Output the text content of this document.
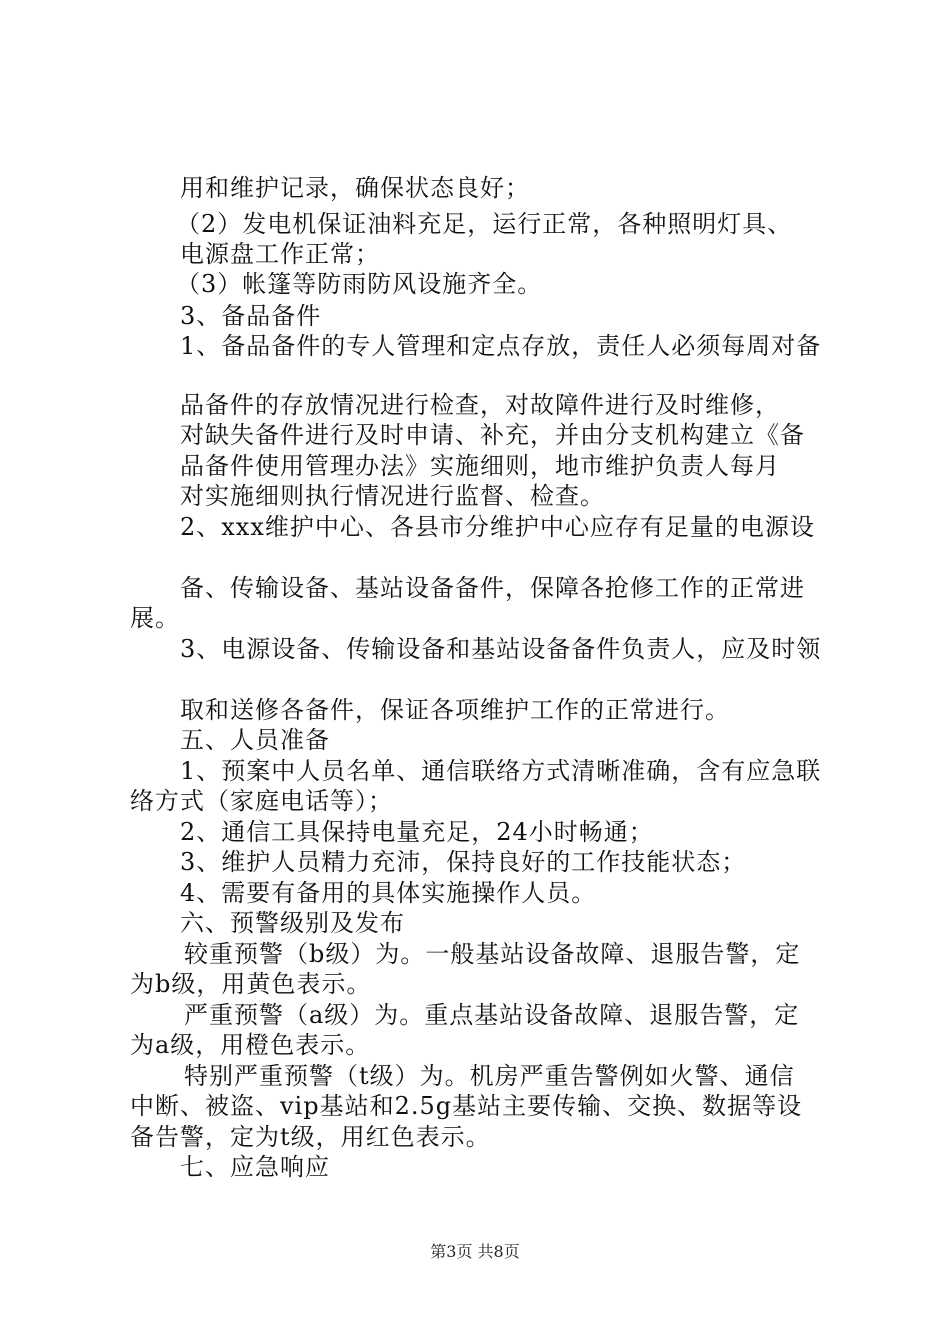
用和维护记录，确保状态良好；
（2）发电机保证油料充足，运行正常，各种照明灯具、
电源盘工作正常；
（3）帐篷等防雨防风设施齐全。
3、备品备件
1、备品备件的专人管理和定点存放，责任人必须每周对备
品备件的存放情况进行检查，对故障件进行及时维修，
对缺失备件进行及时申请、补充，并由分支机构建立《备
品备件使用管理办法》实施细则，地市维护负责人每月
对实施细则执行情况进行监督、检查。
2、xxx维护中心、各县市分维护中心应存有足量的电源设
备、传输设备、基站设备备件，保障各抢修工作的正常进
展。
3、电源设备、传输设备和基站设备备件负责人，应及时领
取和送修各备件，保证各项维护工作的正常进行。
五、人员准备
1、预案中人员名单、通信联络方式清晰准确，含有应急联
络方式（家庭电话等）；
2、通信工具保持电量充足，24小时畅通；
3、维护人员精力充沛，保持良好的工作技能状态；
4、需要有备用的具体实施操作人员。
六、预警级别及发布
较重预警（b级）为。一般基站设备故障、退服告警，定
为b级，用黄色表示。
严重预警（a级）为。重点基站设备故障、退服告警，定
为a级，用橙色表示。
特别严重预警（t级）为。机房严重告警例如火警、通信
中断、被盗、vip基站和2.5g基站主要传输、交换、数据等设
备告警，定为t级，用红色表示。
七、应急响应
第3页 共8页
